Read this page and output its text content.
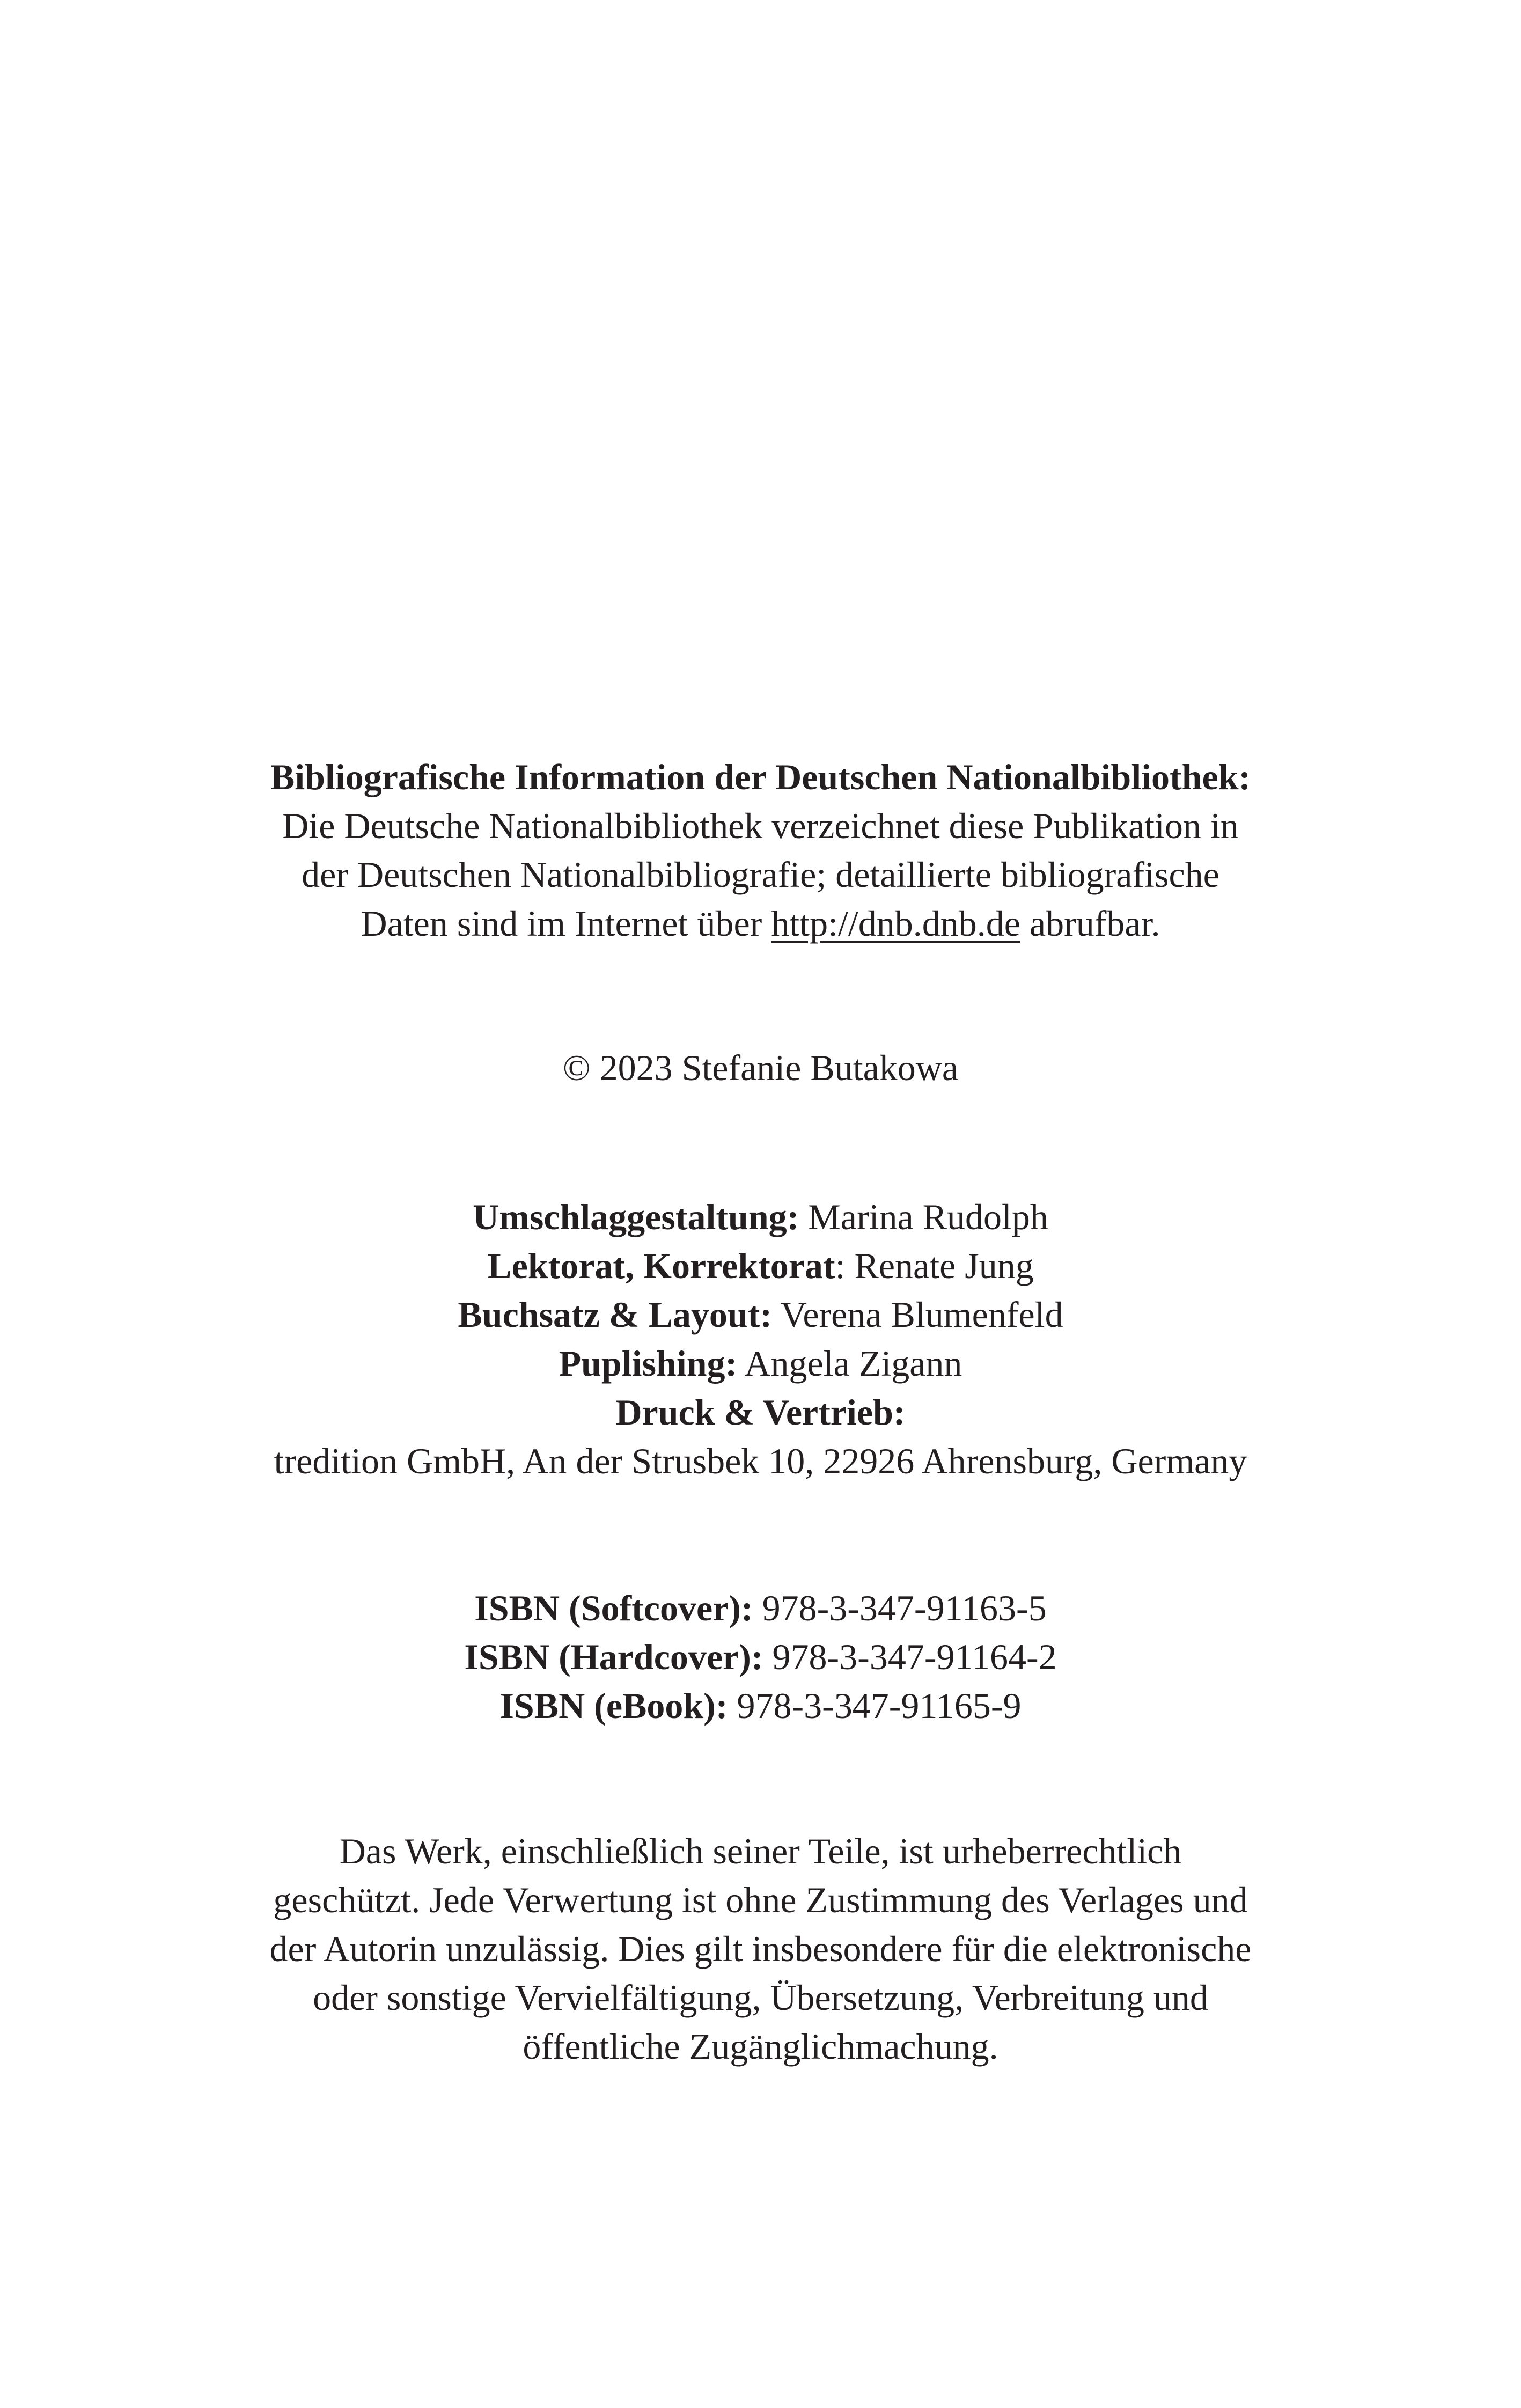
Bibliografische Information der Deutschen Nationalbibliothek:
Die Deutsche Nationalbibliothek verzeichnet diese Publikation in
der Deutschen Nationalbibliografie; detaillierte bibliografische
Daten sind im Internet über http://dnb.dnb.de abrufbar.
© 2023 Stefanie Butakowa
Umschlaggestaltung: Marina Rudolph
Lektorat, Korrektorat: Renate Jung
Buchsatz & Layout: Verena Blumenfeld
Puplishing: Angela Zigann
Druck & Vertrieb:
tredition GmbH, An der Strusbek 10, 22926 Ahrensburg, Germany
ISBN (Softcover): 978-3-347-91163-5
ISBN (Hardcover): 978-3-347-91164-2
ISBN (eBook): 978-3-347-91165-9
Das Werk, einschließlich seiner Teile, ist urheberrechtlich
geschützt. Jede Verwertung ist ohne Zustimmung des Verlages und
der Autorin unzulässig. Dies gilt insbesondere für die elektronische
oder sonstige Vervielfältigung, Übersetzung, Verbreitung und
öffentliche Zugänglichmachung.
